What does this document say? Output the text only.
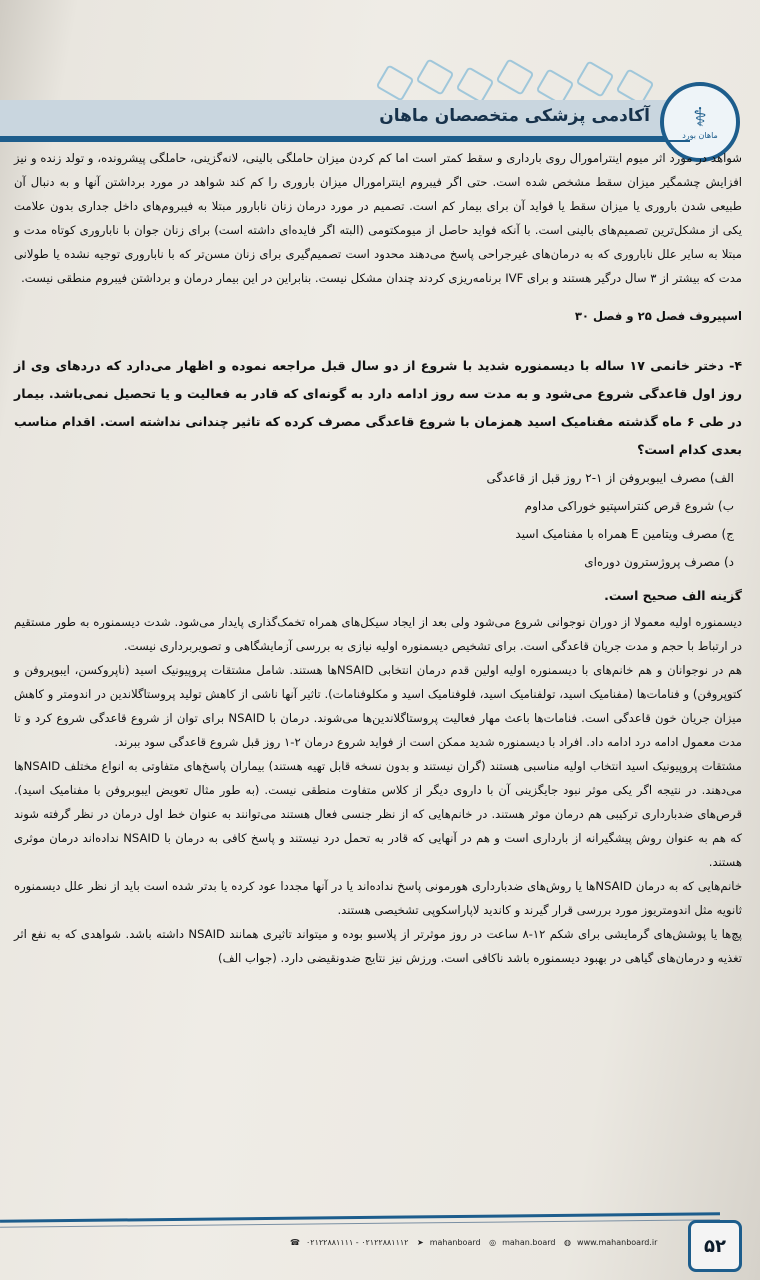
آکادمی پزشکی متخصصان ماهان ⚕
ماهان بورد

شواهد در مورد اثر میوم اینترامورال روی بارداری و سقط کمتر است اما کم کردن میزان حاملگی بالینی، لانه‌گزینی، حاملگی پیشرونده، و تولد زنده و نیز افزایش چشمگیر میزان سقط مشخص شده است. حتی اگر فیبروم اینترامورال میزان باروری را کم کند شواهد در مورد برداشتن آنها و به دنبال آن طبیعی شدن باروری یا میزان سقط یا فواید آن برای بیمار کم است. تصمیم در مورد درمان زنان نابارور مبتلا به فیبروم‌های داخل جداری بدون علامت یکی از مشکل‌ترین تصمیم‌های بالینی است. با آنکه فواید حاصل از میومکتومی (البته اگر فایده‌ای داشته است) برای زنان جوان با ناباروری کوتاه مدت و مبتلا به سایر علل ناباروری که به درمان‌های غیرجراحی پاسخ می‌دهند محدود است تصمیم‌گیری برای زنان مسن‌تر که با ناباروری توجیه نشده یا طولانی مدت که بیشتر از ۳ سال درگیر هستند و برای IVF برنامه‌ریزی کردند چندان مشکل نیست. بنابراین در این بیمار درمان و برداشتن فیبروم منطقی نیست.

اسپیروف فصل ۲۵ و فصل ۳۰

۴- دختر خانمی ۱۷ ساله با دیسمنوره شدید با شروع از دو سال قبل مراجعه نموده و اظهار می‌دارد که دردهای وی از روز اول قاعدگی شروع می‌شود و به مدت سه روز ادامه دارد به گونه‌ای که قادر به فعالیت و یا تحصیل نمی‌باشد. بیمار در طی ۶ ماه گذشته مفنامیک اسید همزمان با شروع قاعدگی مصرف کرده که تاثیر چندانی نداشته است. اقدام مناسب بعدی کدام است؟

الف) مصرف ایبوبروفن از ۱-۲ روز قبل از قاعدگی

ب) شروع قرص کنتراسپتیو خوراکی مداوم

ج) مصرف ویتامین E همراه با مفنامیک اسید

د) مصرف پروژسترون دوره‌ای

گزینه الف صحیح است.

دیسمنوره اولیه معمولا از دوران نوجوانی شروع می‌شود ولی بعد از ایجاد سیکل‌های همراه تخمک‌گذاری پایدار می‌شود. شدت دیسمنوره به طور مستقیم در ارتباط با حجم و مدت جریان قاعدگی است. برای تشخیص دیسمنوره اولیه نیازی به بررسی آزمایشگاهی و تصویربرداری نیست.

هم در نوجوانان و هم خانم‌های با دیسمنوره اولیه اولین قدم درمان انتخابی NSAIDها هستند. شامل مشتقات پروپیونیک اسید (ناپروکسن، ایبوپروفن و کتوپروفن) و فنامات‌ها (مفنامیک اسید، تولفنامیک اسید، فلوفنامیک اسید و مکلوفنامات). تاثیر آنها ناشی از کاهش تولید پروستاگلاندین در اندومتر و کاهش میزان جریان خون قاعدگی است. فنامات‌ها باعث مهار فعالیت پروستاگلاندین‌ها می‌شوند. درمان با NSAID برای توان از شروع قاعدگی شروع کرد و تا مدت معمول ادامه درد ادامه داد. افراد با دیسمنوره شدید ممکن است از فواید شروع درمان ۲-۱ روز قبل شروع قاعدگی سود ببرند.

مشتقات پروپیونیک اسید انتخاب اولیه مناسبی هستند (گران نیستند و بدون نسخه قابل تهیه هستند) بیماران پاسخ‌های متفاوتی به انواع مختلف NSAIDها می‌دهند. در نتیجه اگر یکی موثر نبود جایگزینی آن با داروی دیگر از کلاس متفاوت منطقی نیست. (به طور مثال تعویض ایبوبروفن با مفنامیک اسید). قرص‌های ضدبارداری ترکیبی هم درمان موثر هستند. در خانم‌هایی که از نظر جنسی فعال هستند می‌توانند به عنوان خط اول درمان در نظر گرفته شوند که هم به عنوان روش پیشگیرانه از بارداری است و هم در آنهایی که قادر به تحمل درد نیستند و پاسخ کافی به درمان با NSAID نداده‌اند درمان موثری هستند.

خانم‌هایی که به درمان NSAIDها یا روش‌های ضدبارداری هورمونی پاسخ نداده‌اند یا در آنها مجددا عود کرده یا بدتر شده است باید از نظر علل دیسمنوره ثانویه مثل اندومتریوز مورد بررسی قرار گیرند و کاندید لاپاراسکوپی تشخیصی هستند.

پچ‌ها یا پوشش‌های گرمایشی برای شکم ۱۲-۸ ساعت در روز موثرتر از پلاسبو بوده و میتواند تاثیری همانند NSAID داشته باشد. شواهدی که به نفع اثر تغذیه و درمان‌های گیاهی در بهبود دیسمنوره باشد ناکافی است. ورزش نیز نتایج ضدونقیضی دارد. (جواب الف)

☎ ۰۲۱۲۲۸۸۱۱۱۱ - ۰۲۱۲۲۸۸۱۱۱۲ ➤ mahanboard ◎ mahan.board ◍ www.mahanboard.ir	۵۲
